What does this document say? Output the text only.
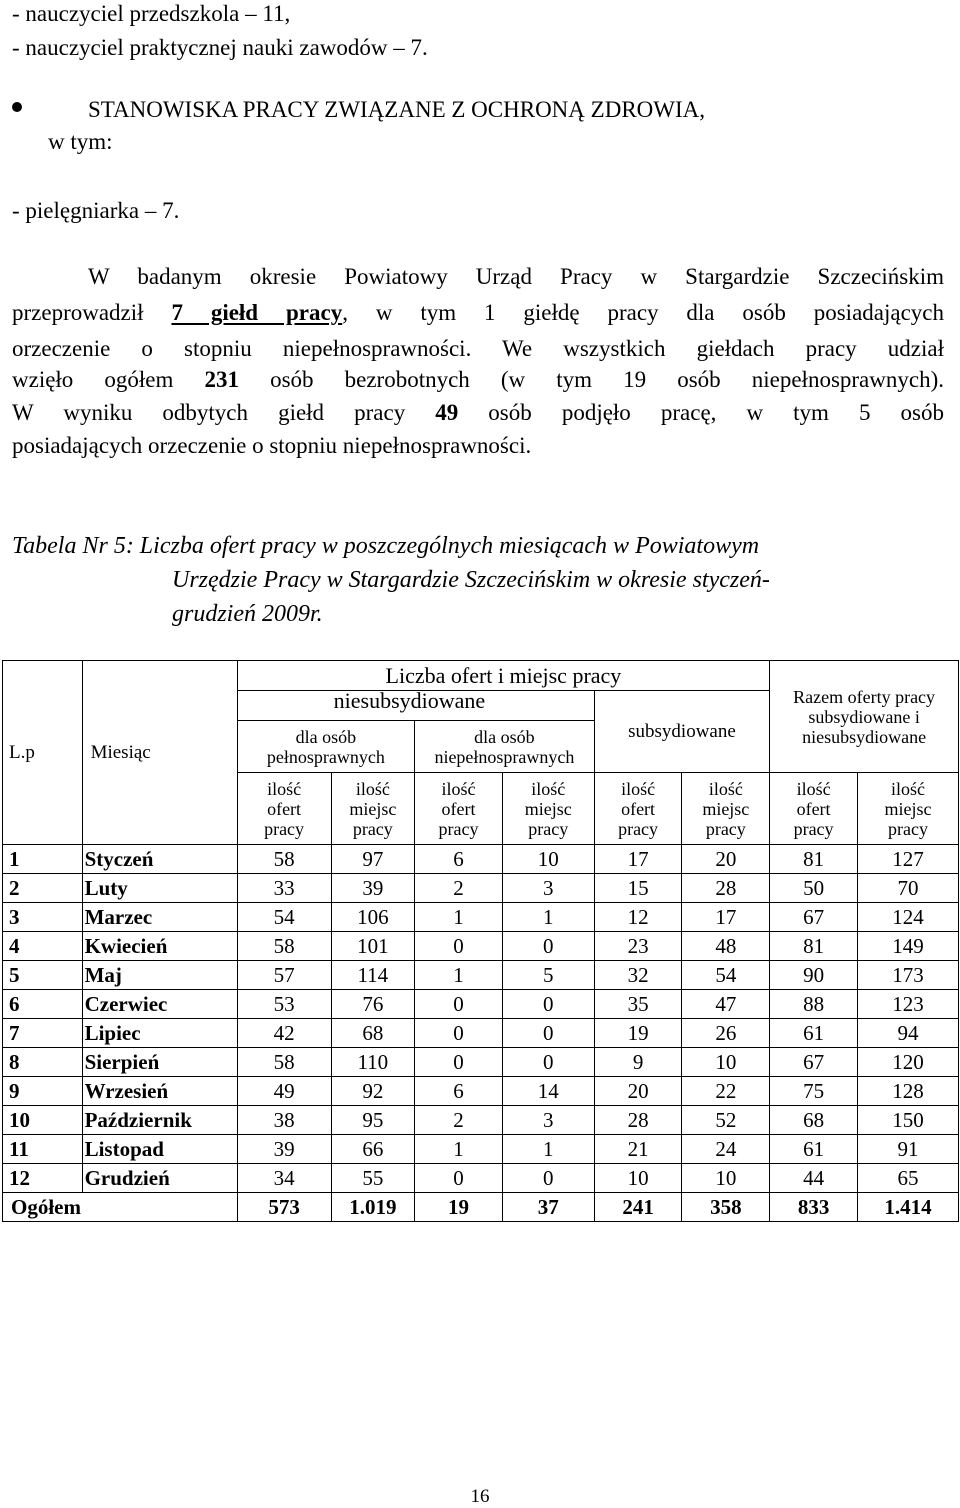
- nauczyciel przedszkola – 11,
- nauczyciel praktycznej nauki zawodów – 7.
STANOWISKA PRACY ZWIĄZANE Z OCHRONĄ ZDROWIA,
w tym:
- pielęgniarka – 7.
W badanym okresie Powiatowy Urząd Pracy w Stargardzie Szczecińskim
przeprowadził 7 giełd pracy, w tym 1 giełdę pracy dla osób posiadających
orzeczenie o stopniu niepełnosprawności. We wszystkich giełdach pracy udział
wzięło ogółem 231 osób bezrobotnych (w tym 19 osób niepełnosprawnych).
W wyniku odbytych giełd pracy 49 osób podjęło pracę, w tym 5 osób
posiadających orzeczenie o stopniu niepełnosprawności.
Tabela Nr 5: Liczba ofert pracy w poszczególnych miesiącach w Powiatowym
Urzędzie Pracy w Stargardzie Szczecińskim w okresie styczeń-
grudzień 2009r.
L.p	Miesiąc	Liczba ofert i miejsc pracy						Razem oferty pracy subsydiowane i niesubsydiowane	
		niesubsydiowane				subsydiowane			
		dla osób pełnosprawnych		dla osób niepełnosprawnych					
		ilość ofert pracy	ilość miejsc pracy	ilość ofert pracy	ilość miejsc pracy	ilość ofert pracy	ilość miejsc pracy	ilość ofert pracy	ilość miejsc pracy
1	Styczeń	58	97	6	10	17	20	81	127
2	Luty	33	39	2	3	15	28	50	70
3	Marzec	54	106	1	1	12	17	67	124
4	Kwiecień	58	101	0	0	23	48	81	149
5	Maj	57	114	1	5	32	54	90	173
6	Czerwiec	53	76	0	0	35	47	88	123
7	Lipiec	42	68	0	0	19	26	61	94
8	Sierpień	58	110	0	0	9	10	67	120
9	Wrzesień	49	92	6	14	20	22	75	128
10	Październik	38	95	2	3	28	52	68	150
11	Listopad	39	66	1	1	21	24	61	91
12	Grudzień	34	55	0	0	10	10	44	65
Ogółem		573	1.019	19	37	241	358	833	1.414
16
